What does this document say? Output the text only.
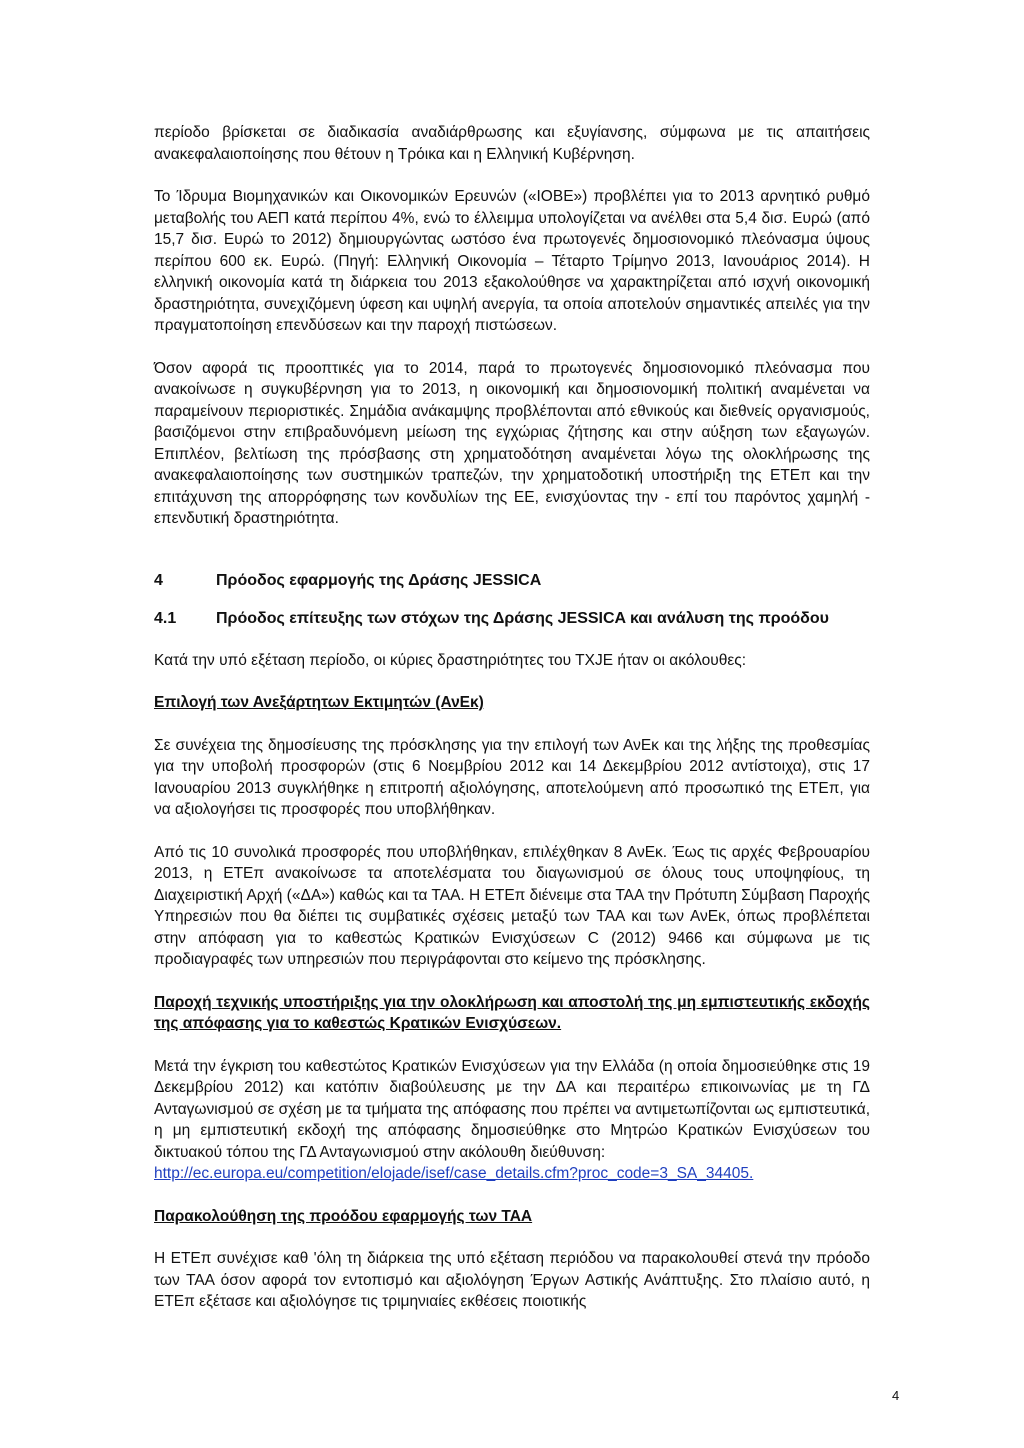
περίοδο βρίσκεται σε διαδικασία αναδιάρθρωσης και εξυγίανσης, σύμφωνα με τις απαιτήσεις ανακεφαλαιοποίησης που θέτουν η Τρόικα και η Ελληνική Κυβέρνηση.

Το Ίδρυμα Βιομηχανικών και Οικονομικών Ερευνών («ΙΟΒΕ») προβλέπει για το 2013 αρνητικό ρυθμό μεταβολής του ΑΕΠ κατά περίπου 4%, ενώ το έλλειμμα υπολογίζεται να ανέλθει στα 5,4 δισ. Ευρώ (από 15,7 δισ. Ευρώ το 2012) δημιουργώντας ωστόσο ένα πρωτογενές δημοσιονομικό πλεόνασμα ύψους περίπου 600 εκ. Ευρώ. (Πηγή: Ελληνική Οικονομία – Τέταρτο Τρίμηνο 2013, Ιανουάριος 2014). Η ελληνική οικονομία κατά τη διάρκεια του 2013 εξακολούθησε να χαρακτηρίζεται από ισχνή οικονομική δραστηριότητα, συνεχιζόμενη ύφεση και υψηλή ανεργία, τα οποία αποτελούν σημαντικές απειλές για την πραγματοποίηση επενδύσεων και την παροχή πιστώσεων.

Όσον αφορά τις προοπτικές για το 2014, παρά το πρωτογενές δημοσιονομικό πλεόνασμα που ανακοίνωσε η συγκυβέρνηση για το 2013, η οικονομική και δημοσιονομική πολιτική αναμένεται να παραμείνουν περιοριστικές. Σημάδια ανάκαμψης προβλέπονται από εθνικούς και διεθνείς οργανισμούς, βασιζόμενοι στην επιβραδυνόμενη μείωση της εγχώριας ζήτησης και στην αύξηση των εξαγωγών. Επιπλέον, βελτίωση της πρόσβασης στη χρηματοδότηση αναμένεται λόγω της ολοκλήρωσης της ανακεφαλαιοποίησης των συστημικών τραπεζών, την χρηματοδοτική υποστήριξη της ΕΤΕπ και την επιτάχυνση της απορρόφησης των κονδυλίων της ΕΕ, ενισχύοντας την - επί του παρόντος χαμηλή - επενδυτική δραστηριότητα.

4	Πρόοδος εφαρμογής της Δράσης JESSICA
4.1	Πρόοδος επίτευξης των στόχων της Δράσης JESSICA και ανάλυση της προόδου

Κατά την υπό εξέταση περίοδο, οι κύριες δραστηριότητες του ΤΧJE ήταν οι ακόλουθες:

Επιλογή των Ανεξάρτητων Εκτιμητών (ΑνΕκ)

Σε συνέχεια της δημοσίευσης της πρόσκλησης για την επιλογή των ΑνΕκ και της λήξης της προθεσμίας για την υποβολή προσφορών (στις 6 Νοεμβρίου 2012 και 14 Δεκεμβρίου 2012 αντίστοιχα), στις 17 Ιανουαρίου 2013 συγκλήθηκε η επιτροπή αξιολόγησης, αποτελούμενη από προσωπικό της ΕΤΕπ, για να αξιολογήσει τις προσφορές που υποβλήθηκαν.

Από τις 10 συνολικά προσφορές που υποβλήθηκαν, επιλέχθηκαν 8 ΑνΕκ. Έως τις αρχές Φεβρουαρίου 2013, η ΕΤΕπ ανακοίνωσε τα αποτελέσματα του διαγωνισμού σε όλους τους υποψηφίους, τη Διαχειριστική Αρχή («ΔΑ») καθώς και τα ΤΑΑ. Η ΕΤΕπ διένειμε στα ΤΑΑ την Πρότυπη Σύμβαση Παροχής Υπηρεσιών που θα διέπει τις συμβατικές σχέσεις μεταξύ των ΤΑΑ και των ΑνΕκ, όπως προβλέπεται στην απόφαση για το καθεστώς Κρατικών Ενισχύσεων C (2012) 9466 και σύμφωνα με τις προδιαγραφές των υπηρεσιών που περιγράφονται στο κείμενο της πρόσκλησης.

Παροχή τεχνικής υποστήριξης για την ολοκλήρωση και αποστολή της μη εμπιστευτικής εκδοχής της απόφασης για το καθεστώς Κρατικών Ενισχύσεων.

Μετά την έγκριση του καθεστώτος Κρατικών Ενισχύσεων για την Ελλάδα (η οποία δημοσιεύθηκε στις 19 Δεκεμβρίου 2012) και κατόπιν διαβούλευσης με την ΔΑ και περαιτέρω επικοινωνίας με τη ΓΔ Ανταγωνισμού σε σχέση με τα τμήματα της απόφασης που πρέπει να αντιμετωπίζονται ως εμπιστευτικά, η μη εμπιστευτική εκδοχή της απόφασης δημοσιεύθηκε στο Μητρώο Κρατικών Ενισχύσεων του δικτυακού τόπου της ΓΔ Ανταγωνισμού στην ακόλουθη διεύθυνση:
http://ec.europa.eu/competition/elojade/isef/case_details.cfm?proc_code=3_SA_34405.

Παρακολούθηση της προόδου εφαρμογής των ΤΑΑ

Η ΕΤΕπ συνέχισε καθ 'όλη τη διάρκεια της υπό εξέταση περιόδου να παρακολουθεί στενά την πρόοδο των ΤΑΑ όσον αφορά τον εντοπισμό και αξιολόγηση Έργων Αστικής Ανάπτυξης. Στο πλαίσιο αυτό, η ΕΤΕπ εξέτασε και αξιολόγησε τις τριμηνιαίες εκθέσεις ποιοτικής

4
